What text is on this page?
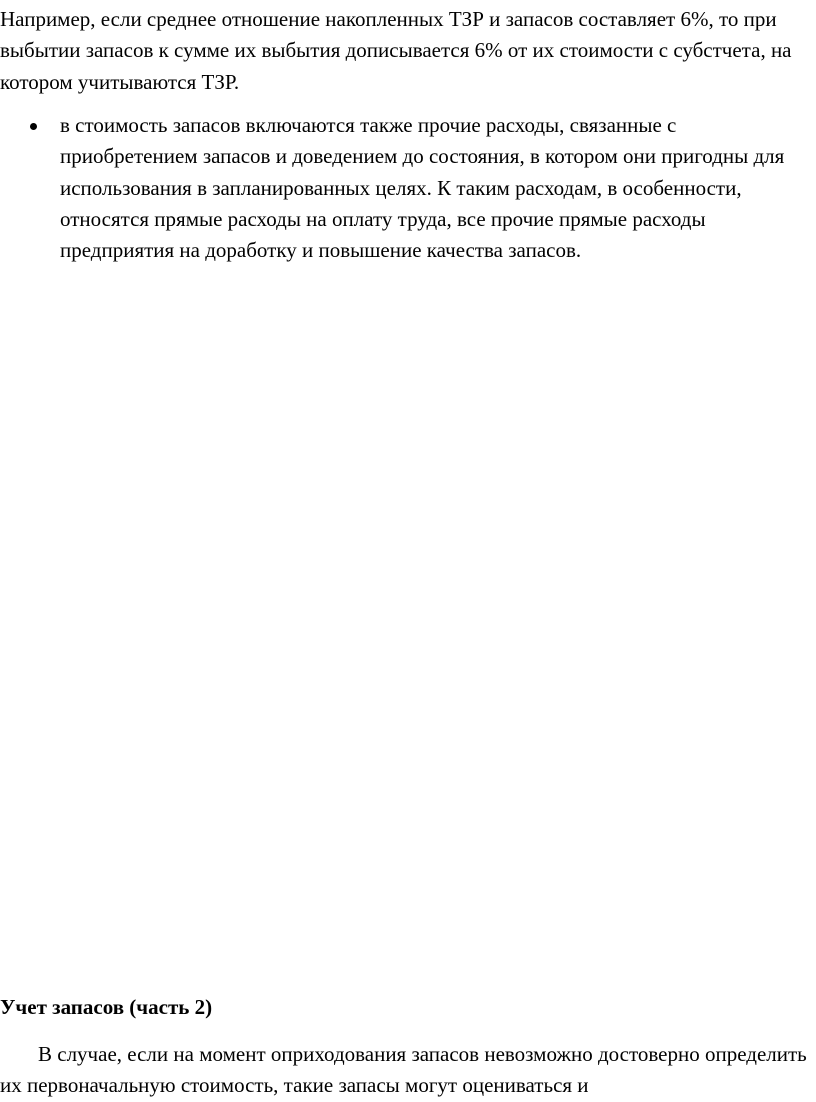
Например, если среднее отношение накопленных ТЗР и запасов составляет 6%, то при выбытии запасов к сумме их выбытия дописывается 6% от их стоимости с субстчета, на котором учитываются ТЗР.

в стоимость запасов включаются также прочие расходы, связанные с приобретением запасов и доведением до состояния, в котором они пригодны для использования в запланированных целях. К таким расходам, в особенности, относятся прямые расходы на оплату труда, все прочие прямые расходы предприятия на доработку и повышение качества запасов.
Учет запасов (часть 2)

В случае, если на момент оприходования запасов невозможно достоверно определить их первоначальную стоимость, такие запасы могут оцениваться и
